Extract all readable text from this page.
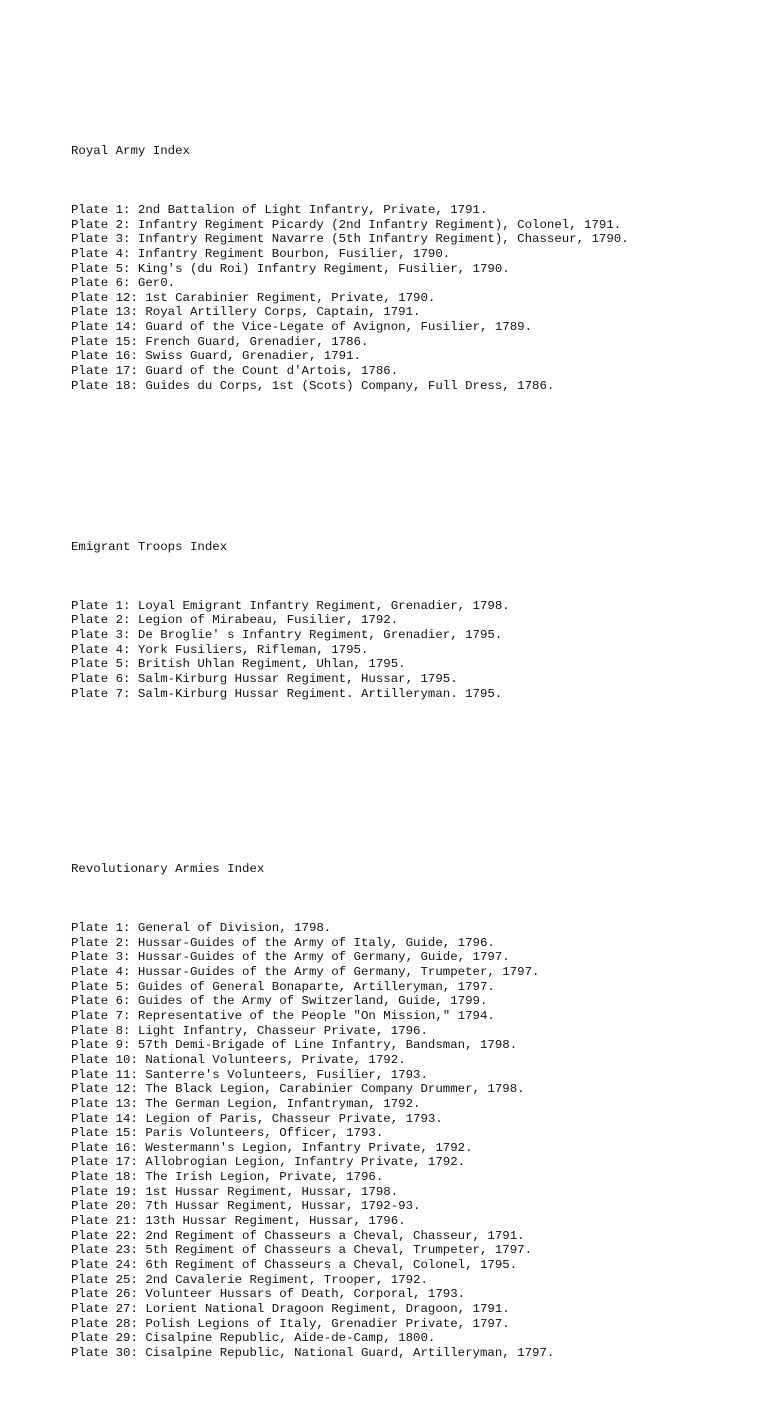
Royal Army Index

Plate 1: 2nd Battalion of Light Infantry, Private, 1791.
Plate 2: Infantry Regiment Picardy (2nd Infantry Regiment), Colonel, 1791.
Plate 3: Infantry Regiment Navarre (5th Infantry Regiment), Chasseur, 1790.
Plate 4: Infantry Regiment Bourbon, Fusilier, 1790.
Plate 5: King's (du Roi) Infantry Regiment, Fusilier, 1790.
Plate 6: Ger0.
Plate 12: 1st Carabinier Regiment, Private, 1790.
Plate 13: Royal Artillery Corps, Captain, 1791.
Plate 14: Guard of the Vice-Legate of Avignon, Fusilier, 1789.
Plate 15: French Guard, Grenadier, 1786.
Plate 16: Swiss Guard, Grenadier, 1791.
Plate 17: Guard of the Count d'Artois, 1786.
Plate 18: Guides du Corps, 1st (Scots) Company, Full Dress, 1786.

Emigrant Troops Index

Plate 1: Loyal Emigrant Infantry Regiment, Grenadier, 1798.
Plate 2: Legion of Mirabeau, Fusilier, 1792.
Plate 3: De Broglie' s Infantry Regiment, Grenadier, 1795.
Plate 4: York Fusiliers, Rifleman, 1795.
Plate 5: British Uhlan Regiment, Uhlan, 1795.
Plate 6: Salm-Kirburg Hussar Regiment, Hussar, 1795.
Plate 7: Salm-Kirburg Hussar Regiment. Artilleryman. 1795.

Revolutionary Armies Index

Plate 1: General of Division, 1798.
Plate 2: Hussar-Guides of the Army of Italy, Guide, 1796.
Plate 3: Hussar-Guides of the Army of Germany, Guide, 1797.
Plate 4: Hussar-Guides of the Army of Germany, Trumpeter, 1797.
Plate 5: Guides of General Bonaparte, Artilleryman, 1797.
Plate 6: Guides of the Army of Switzerland, Guide, 1799.
Plate 7: Representative of the People "On Mission," 1794.
Plate 8: Light Infantry, Chasseur Private, 1796.
Plate 9: 57th Demi-Brigade of Line Infantry, Bandsman, 1798.
Plate 10: National Volunteers, Private, 1792.
Plate 11: Santerre's Volunteers, Fusilier, 1793.
Plate 12: The Black Legion, Carabinier Company Drummer, 1798.
Plate 13: The German Legion, Infantryman, 1792.
Plate 14: Legion of Paris, Chasseur Private, 1793.
Plate 15: Paris Volunteers, Officer, 1793.
Plate 16: Westermann's Legion, Infantry Private, 1792.
Plate 17: Allobrogian Legion, Infantry Private, 1792.
Plate 18: The Irish Legion, Private, 1796.
Plate 19: 1st Hussar Regiment, Hussar, 1798.
Plate 20: 7th Hussar Regiment, Hussar, 1792-93.
Plate 21: 13th Hussar Regiment, Hussar, 1796.
Plate 22: 2nd Regiment of Chasseurs a Cheval, Chasseur, 1791.
Plate 23: 5th Regiment of Chasseurs a Cheval, Trumpeter, 1797.
Plate 24: 6th Regiment of Chasseurs a Cheval, Colonel, 1795.
Plate 25: 2nd Cavalerie Regiment, Trooper, 1792.
Plate 26: Volunteer Hussars of Death, Corporal, 1793.
Plate 27: Lorient National Dragoon Regiment, Dragoon, 1791.
Plate 28: Polish Legions of Italy, Grenadier Private, 1797.
Plate 29: Cisalpine Republic, Aide-de-Camp, 1800.
Plate 30: Cisalpine Republic, National Guard, Artilleryman, 1797.
